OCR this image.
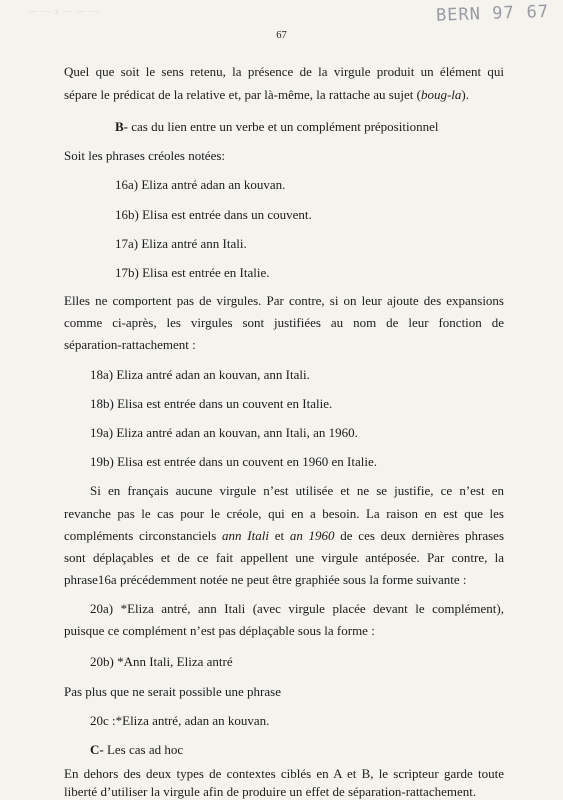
— — x — — —	BERN 97 67
67
Quel que soit le sens retenu, la présence de la virgule produit un élément qui
sépare le prédicat de la relative et, par là-même, la rattache au sujet (boug-la).
B- cas du lien entre un verbe et un complément prépositionnel
Soit les phrases créoles notées:
16a) Eliza antré adan an kouvan.
16b) Elisa est entrée dans un couvent.
17a) Eliza antré ann Itali.
17b) Elisa est entrée en Italie.
Elles ne comportent pas de virgules. Par contre, si on leur ajoute des expansions
comme ci-après, les virgules sont justifiées au nom de leur fonction de
séparation-rattachement :
18a) Eliza antré adan an kouvan, ann Itali.
18b) Elisa est entrée dans un couvent en Italie.
19a) Eliza antré adan an kouvan, ann Itali, an 1960.
19b) Elisa est entrée dans un couvent en 1960 en Italie.
Si en français aucune virgule n’est utilisée et ne se justifie, ce n’est en
revanche pas le cas pour le créole, qui en a besoin. La raison en est que les
compléments circonstanciels ann Itali et an 1960 de ces deux dernières phrases
sont déplaçables et de ce fait appellent une virgule antéposée. Par contre, la
phrase16a précédemment notée ne peut être graphiée sous la forme suivante :
20a) *Eliza antré, ann Itali (avec virgule placée devant le complément),
puisque ce complément n’est pas déplaçable sous la forme :
20b) *Ann Itali, Eliza antré
Pas plus que ne serait possible une phrase
20c :*Eliza antré, adan an kouvan.
C- Les cas ad hoc
En dehors des deux types de contextes ciblés en A et B, le scripteur garde toute
liberté d’utiliser la virgule afin de produire un effet de séparation-rattachement.
